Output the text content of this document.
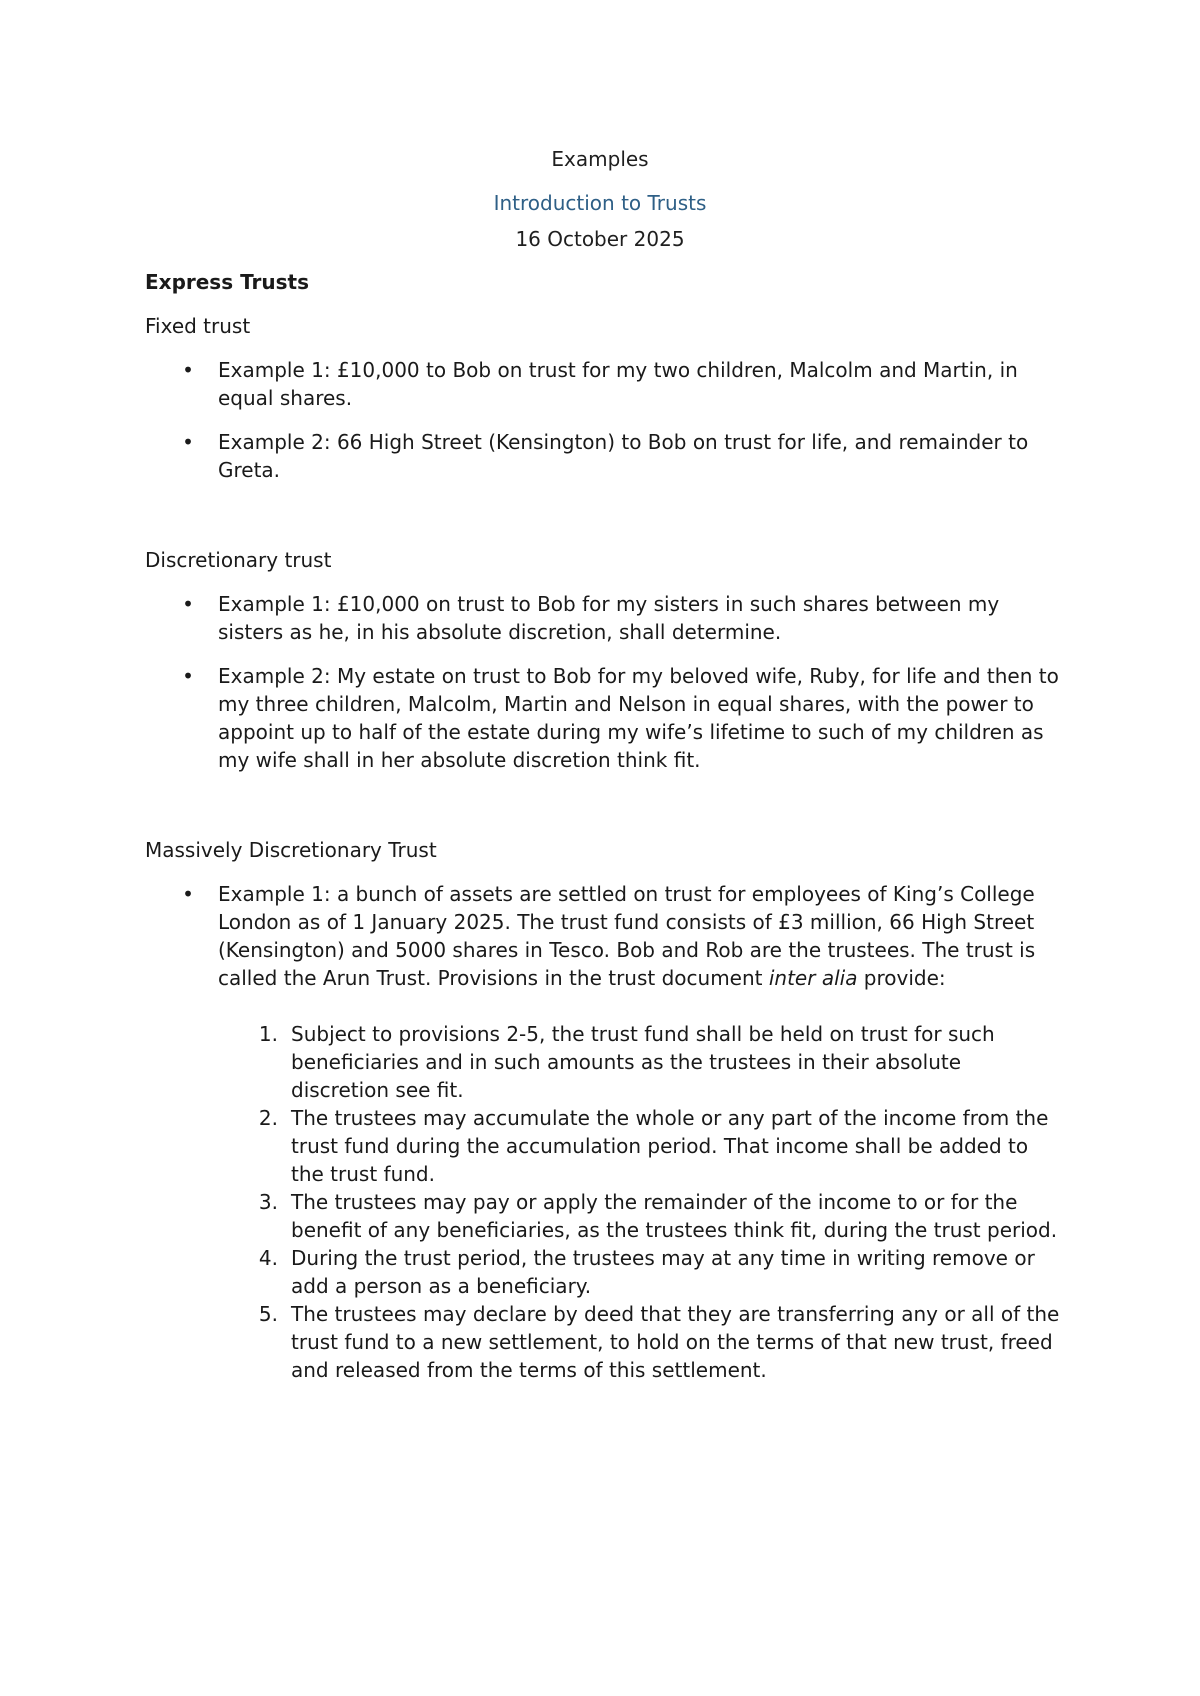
Examples
Introduction to Trusts
16 October 2025
Express Trusts
Fixed trust
• Example 1: £10,000 to Bob on trust for my two children, Malcolm and Martin, in equal shares.
• Example 2: 66 High Street (Kensington) to Bob on trust for life, and remainder to Greta.
Discretionary trust
• Example 1: £10,000 on trust to Bob for my sisters in such shares between my sisters as he, in his absolute discretion, shall determine.
• Example 2: My estate on trust to Bob for my beloved wife, Ruby, for life and then to my three children, Malcolm, Martin and Nelson in equal shares, with the power to appoint up to half of the estate during my wife’s lifetime to such of my children as my wife shall in her absolute discretion think fit.
Massively Discretionary Trust
• Example 1: a bunch of assets are settled on trust for employees of King’s College London as of 1 January 2025. The trust fund consists of £3 million, 66 High Street (Kensington) and 5000 shares in Tesco. Bob and Rob are the trustees. The trust is called the Arun Trust. Provisions in the trust document inter alia provide:
1. Subject to provisions 2-5, the trust fund shall be held on trust for such beneficiaries and in such amounts as the trustees in their absolute discretion see fit.
2. The trustees may accumulate the whole or any part of the income from the trust fund during the accumulation period. That income shall be added to the trust fund.
3. The trustees may pay or apply the remainder of the income to or for the benefit of any beneficiaries, as the trustees think fit, during the trust period.
4. During the trust period, the trustees may at any time in writing remove or add a person as a beneficiary.
5. The trustees may declare by deed that they are transferring any or all of the trust fund to a new settlement, to hold on the terms of that new trust, freed and released from the terms of this settlement.
